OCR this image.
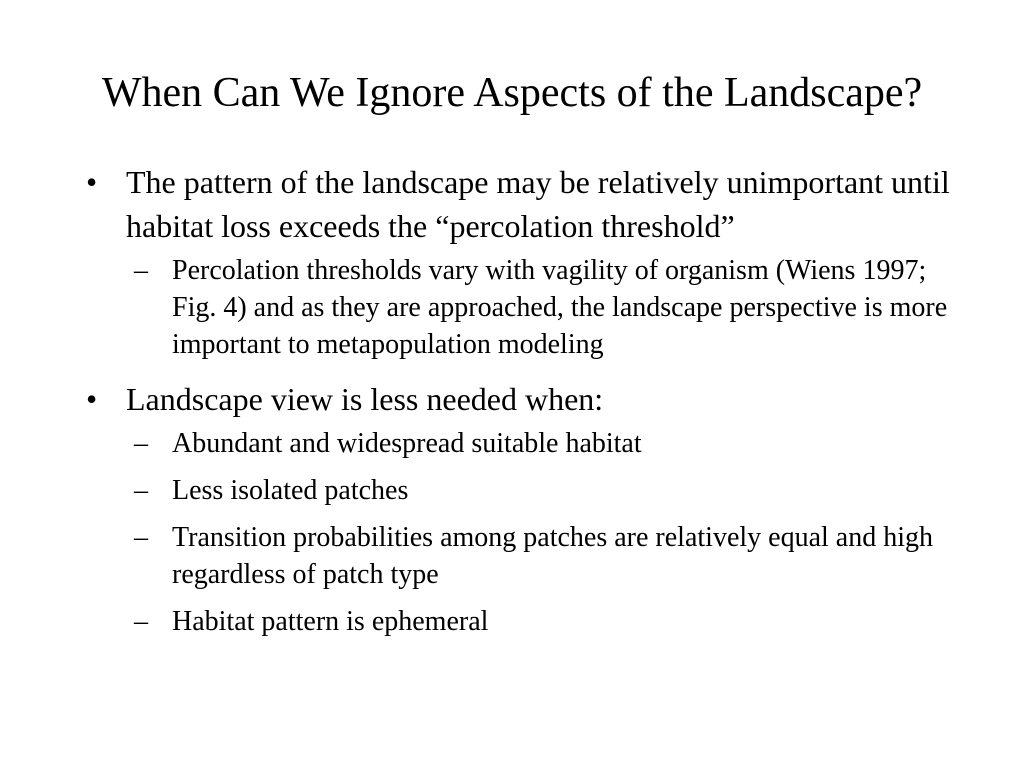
When Can We Ignore Aspects of the Landscape?
• The pattern of the landscape may be relatively unimportant until habitat loss exceeds the “percolation threshold”
– Percolation thresholds vary with vagility of organism (Wiens 1997; Fig. 4) and as they are approached, the landscape perspective is more important to metapopulation modeling
• Landscape view is less needed when:
– Abundant and widespread suitable habitat
– Less isolated patches
– Transition probabilities among patches are relatively equal and high regardless of patch type
– Habitat pattern is ephemeral
